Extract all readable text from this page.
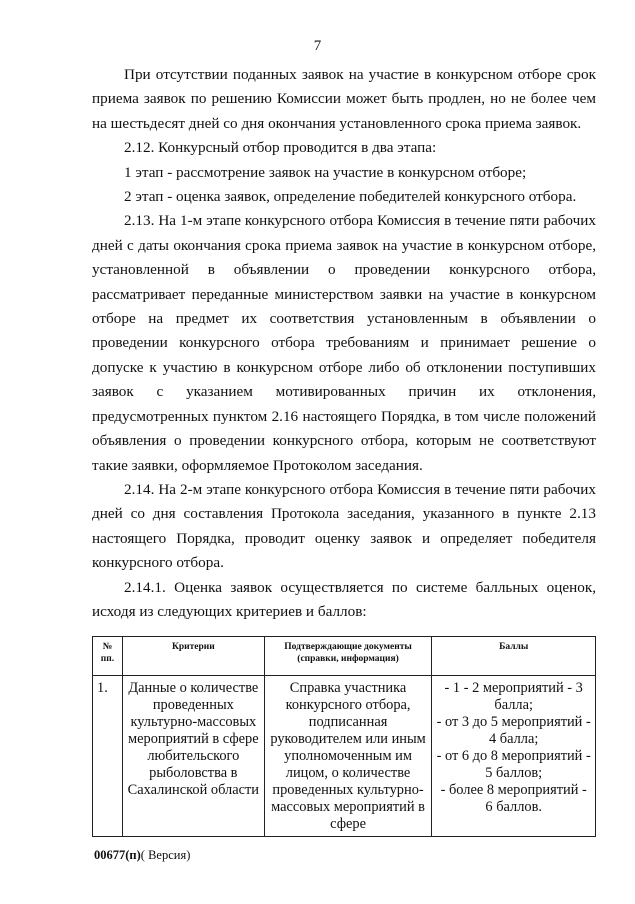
7

При отсутствии поданных заявок на участие в конкурсном отборе срок приема заявок по решению Комиссии может быть продлен, но не более чем на шестьдесят дней со дня окончания установленного срока приема заявок.

2.12. Конкурсный отбор проводится в два этапа:

1 этап - рассмотрение заявок на участие в конкурсном отборе;

2 этап - оценка заявок, определение победителей конкурсного отбора.

2.13. На 1-м этапе конкурсного отбора Комиссия в течение пяти рабочих дней с даты окончания срока приема заявок на участие в конкурсном отборе, установленной в объявлении о проведении конкурсного отбора, рассматривает переданные министерством заявки на участие в конкурсном отборе на предмет их соответствия установленным в объявлении о проведении конкурсного отбора требованиям и принимает решение о допуске к участию в конкурсном отборе либо об отклонении поступивших заявок с указанием мотивированных причин их отклонения, предусмотренных пунктом 2.16 настоящего Порядка, в том числе положений объявления о проведении конкурсного отбора, которым не соответствуют такие заявки, оформляемое Протоколом заседания.

2.14. На 2-м этапе конкурсного отбора Комиссия в течение пяти рабочих дней со дня составления Протокола заседания, указанного в пункте 2.13 настоящего Порядка, проводит оценку заявок и определяет победителя конкурсного отбора.

2.14.1. Оценка заявок осуществляется по системе балльных оценок, исходя из следующих критериев и баллов:

№ пп.	Критерии	Подтверждающие документы (справки, информация)	Баллы
1.	Данные о количестве проведенных культурно-массовых мероприятий в сфере любительского рыболовства в Сахалинской области	Справка участника конкурсного отбора, подписанная руководителем или иным уполномоченным им лицом, о количестве проведенных культурно-массовых мероприятий в сфере	- 1 - 2 мероприятий - 3 балла;
- от 3 до 5 мероприятий - 4 балла;
- от 6 до 8 мероприятий - 5 баллов;
- более 8 мероприятий - 6 баллов.
00677(п)( Версия)
